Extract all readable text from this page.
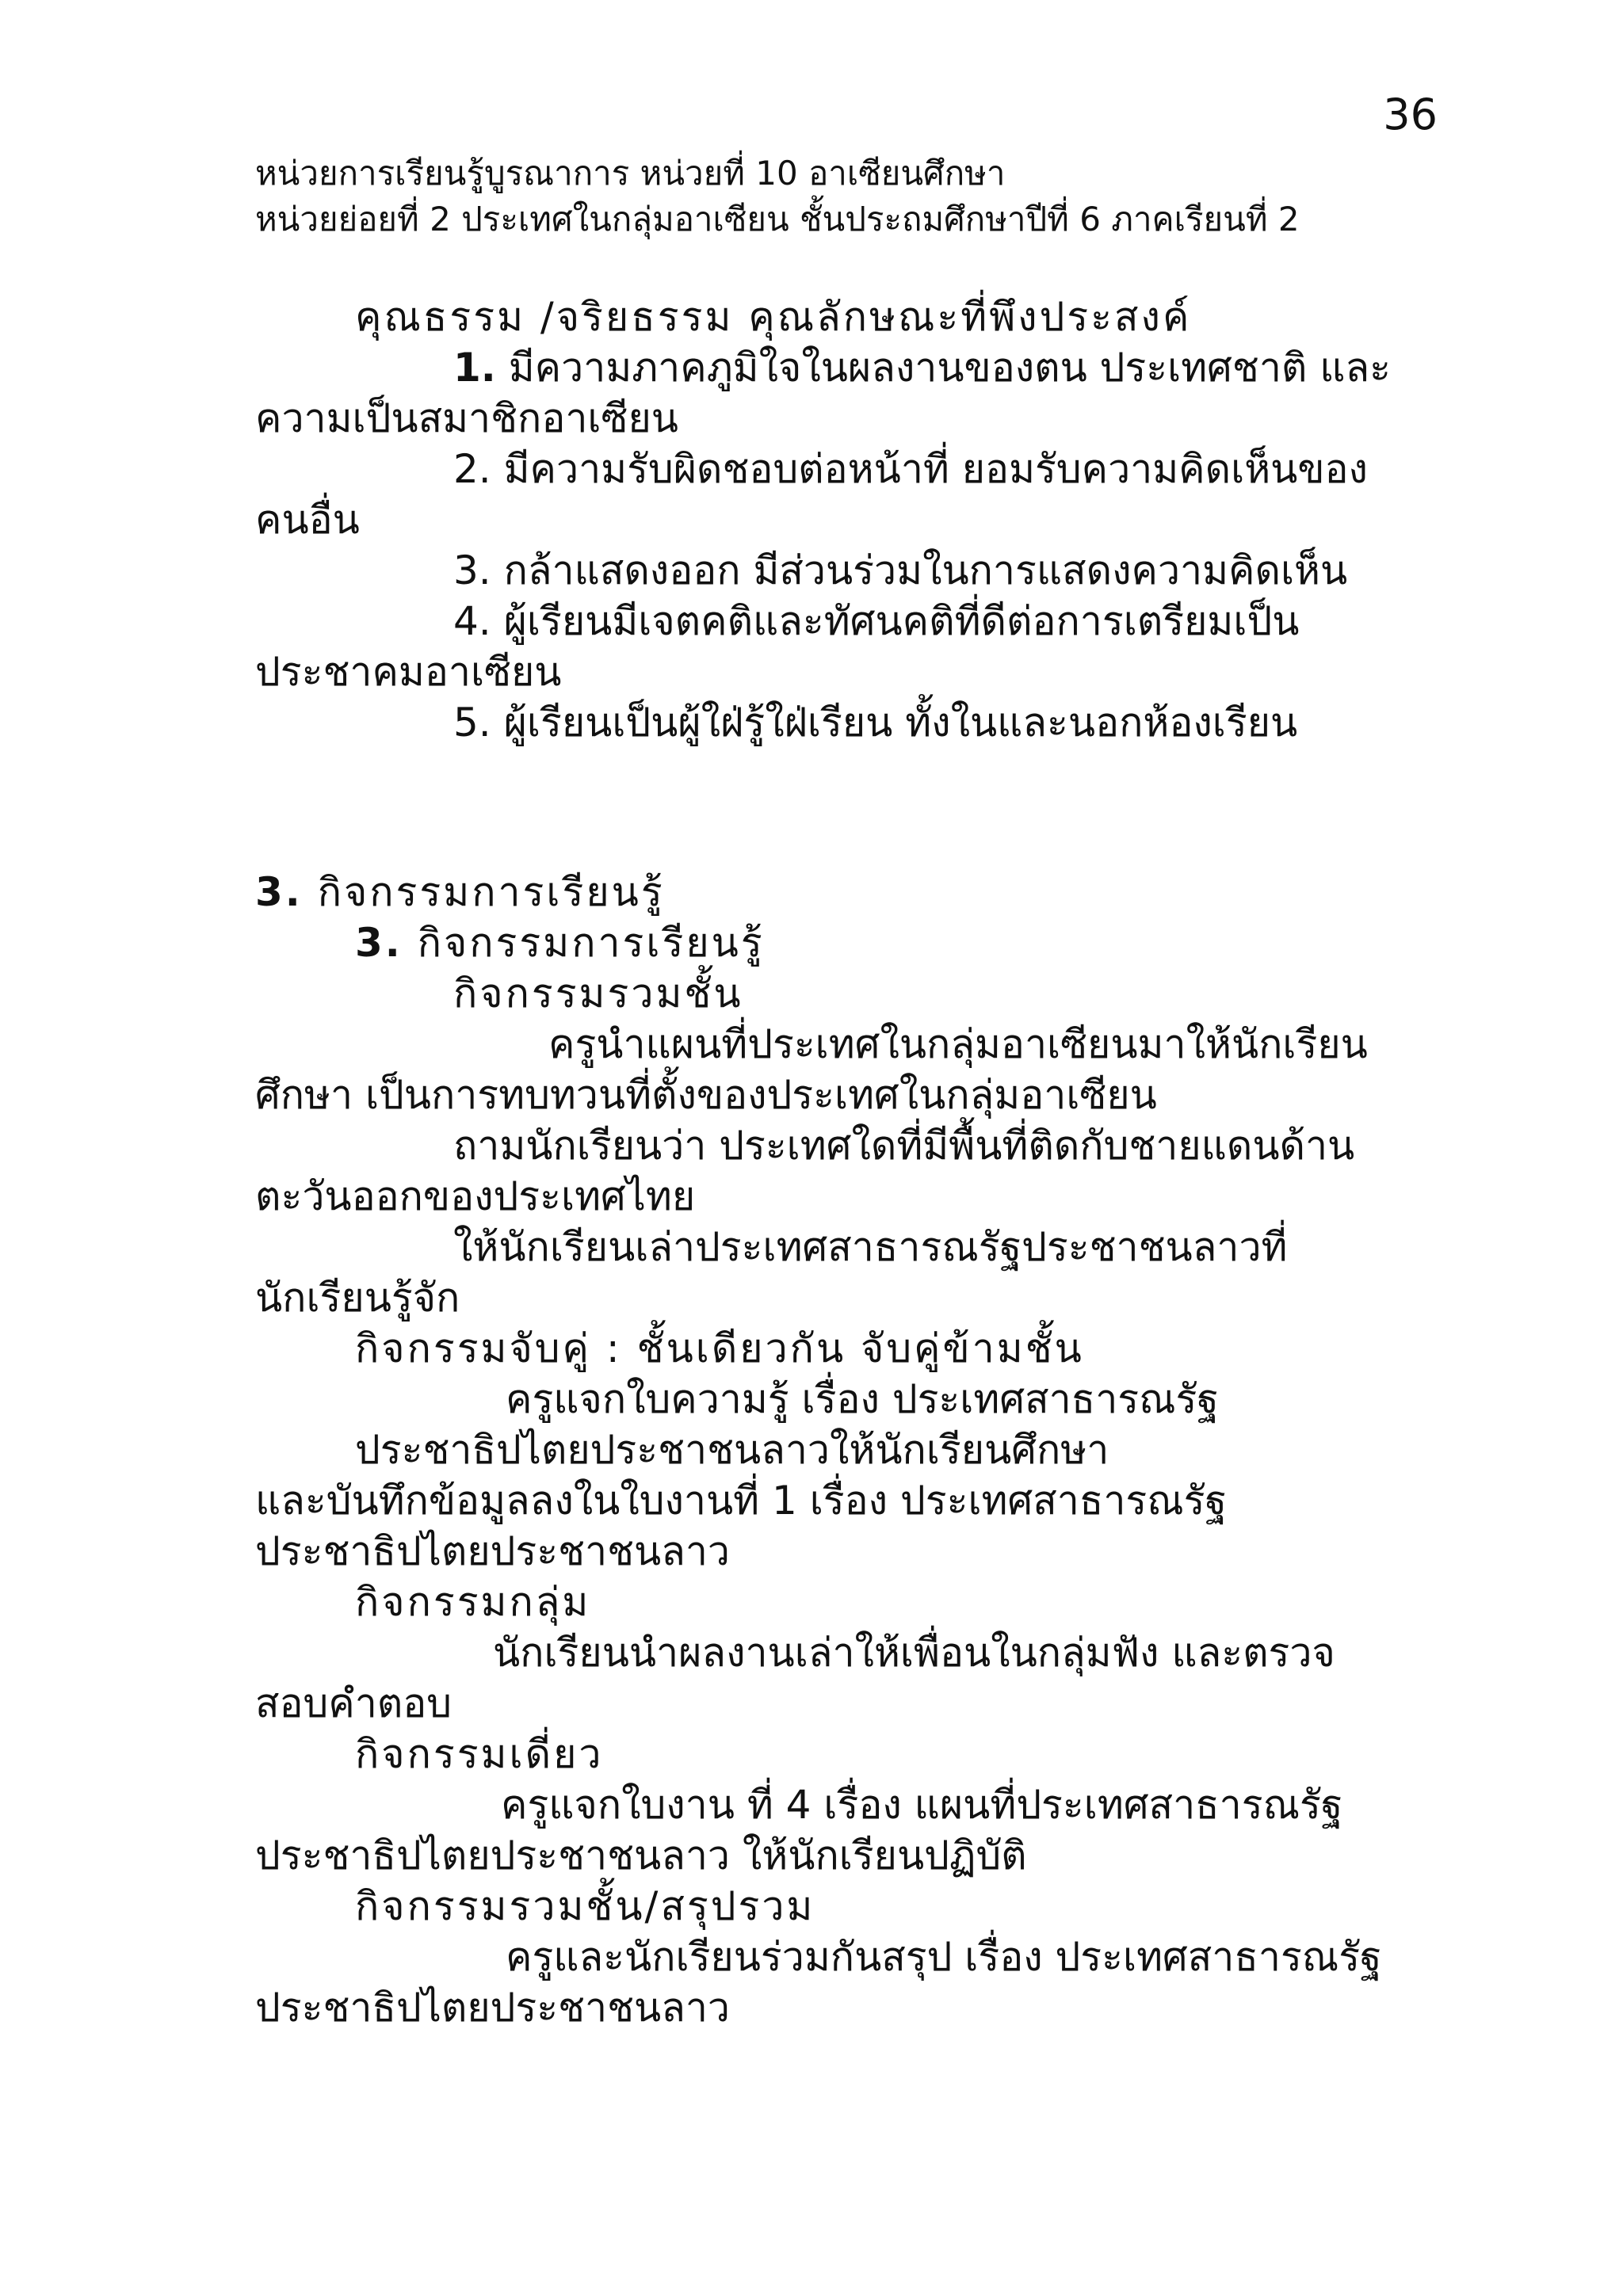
36
หน่วยการเรียนรู้บูรณาการ หน่วยที่ 10 อาเซียนศึกษา
หน่วยย่อยที่ 2 ประเทศในกลุ่มอาเซียน ชั้นประถมศึกษาปีที่ 6 ภาคเรียนที่ 2
คุณธรรม /จริยธรรม คุณลักษณะที่พึงประสงค์
1. มีความภาคภูมิใจในผลงานของตน ประเทศชาติ และ
ความเป็นสมาชิกอาเซียน
2. มีความรับผิดชอบต่อหน้าที่ ยอมรับความคิดเห็นของ
คนอื่น
3. กล้าแสดงออก มีส่วนร่วมในการแสดงความคิดเห็น
4. ผู้เรียนมีเจตคติและทัศนคติที่ดีต่อการเตรียมเป็น
ประชาคมอาเซียน
5. ผู้เรียนเป็นผู้ใฝ่รู้ใฝ่เรียน ทั้งในและนอกห้องเรียน
3. กิจกรรมการเรียนรู้
3. กิจกรรมการเรียนรู้
กิจกรรมรวมชั้น
ครูนำแผนที่ประเทศในกลุ่มอาเซียนมาให้นักเรียน
ศึกษา เป็นการทบทวนที่ตั้งของประเทศในกลุ่มอาเซียน
ถามนักเรียนว่า ประเทศใดที่มีพื้นที่ติดกับชายแดนด้าน
ตะวันออกของประเทศไทย
ให้นักเรียนเล่าประเทศสาธารณรัฐประชาชนลาวที่
นักเรียนรู้จัก
กิจกรรมจับคู่ : ชั้นเดียวกัน จับคู่ข้ามชั้น
ครูแจกใบความรู้ เรื่อง ประเทศสาธารณรัฐ
ประชาธิปไตยประชาชนลาวให้นักเรียนศึกษา
และบันทึกข้อมูลลงในใบงานที่ 1 เรื่อง ประเทศสาธารณรัฐ
ประชาธิปไตยประชาชนลาว
กิจกรรมกลุ่ม
นักเรียนนำผลงานเล่าให้เพื่อนในกลุ่มฟัง และตรวจ
สอบคำตอบ
กิจกรรมเดี่ยว
ครูแจกใบงาน ที่ 4 เรื่อง แผนที่ประเทศสาธารณรัฐ
ประชาธิปไตยประชาชนลาว ให้นักเรียนปฏิบัติ
กิจกรรมรวมชั้น/สรุปรวม
ครูและนักเรียนร่วมกันสรุป เรื่อง ประเทศสาธารณรัฐ
ประชาธิปไตยประชาชนลาว
